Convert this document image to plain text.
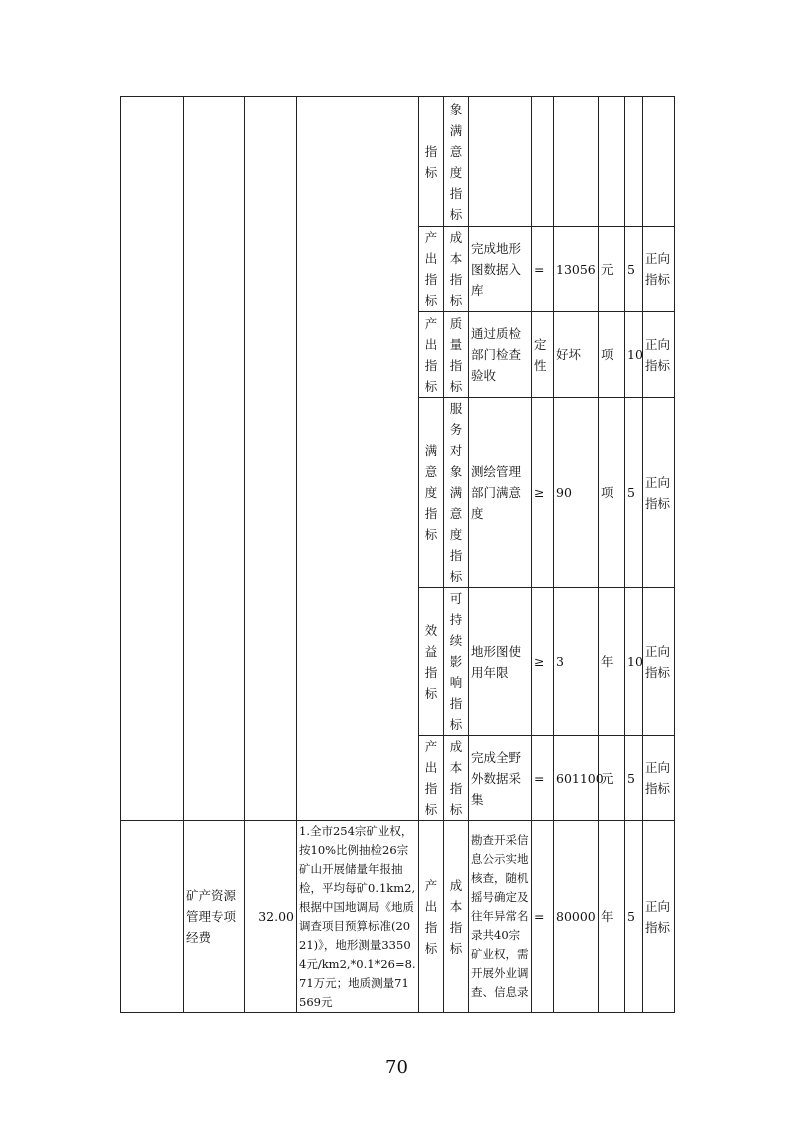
				指标	象满意度指标						
				产出指标	成本指标	完成地形图数据入库	=	13056	元	5	正向指标
				产出指标	质量指标	通过质检部门检查验收	定性	好坏	项	10	正向指标
				满意度指标	服务对象满意度指标	测绘管理部门满意度	≥	90	项	5	正向指标
				效益指标	可持续影响指标	地形图使用年限	≥	3	年	10	正向指标
				产出指标	成本指标	完成全野外数据采集	=	601100	元	5	正向指标
	矿产资源管理专项经费	32.00	1.全市254宗矿业权，按10%比例抽检26宗矿山开展储量年报抽检，平均每矿0.1km2,根据中国地调局《地质调查项目预算标准(2021)》，地形测量33504元/km2,*0.1*26=8.71万元；地质测量71569元	产出指标	成本指标	勘查开采信息公示实地核查，随机摇号确定及往年异常名录共40宗矿业权，需开展外业调查、信息录	=	80000	年	5	正向指标
70
